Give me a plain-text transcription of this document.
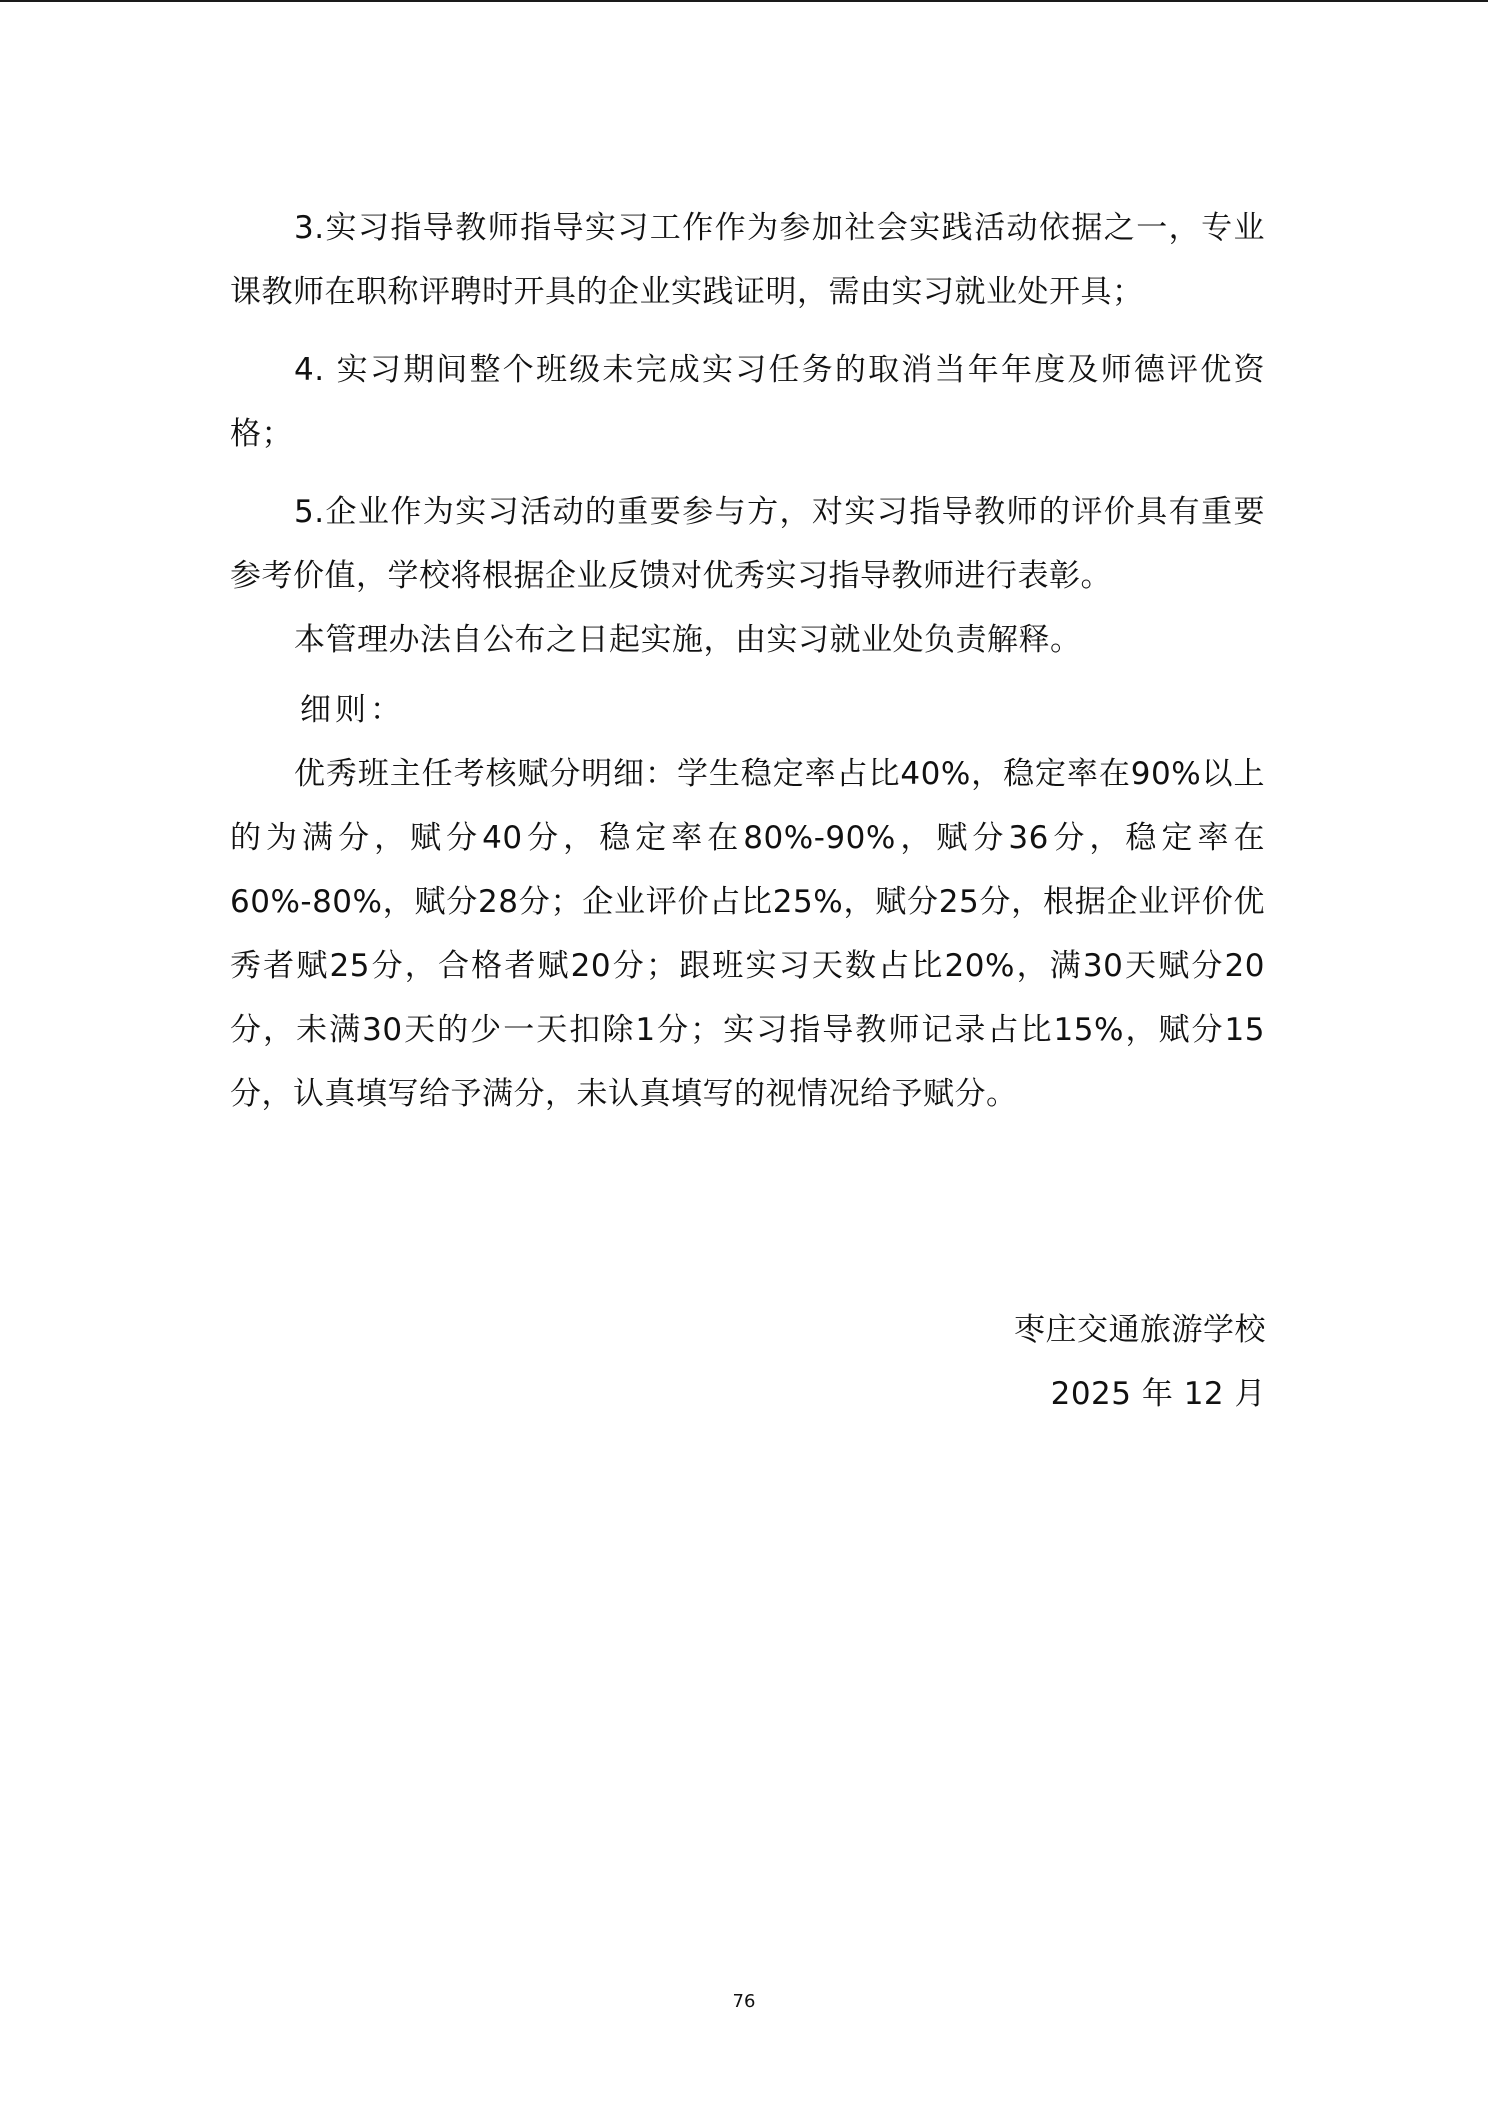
3.实习指导教师指导实习工作作为参加社会实践活动依据之一，专业课教师在职称评聘时开具的企业实践证明，需由实习就业处开具；

4. 实习期间整个班级未完成实习任务的取消当年年度及师德评优资格；

5.企业作为实习活动的重要参与方，对实习指导教师的评价具有重要参考价值，学校将根据企业反馈对优秀实习指导教师进行表彰。

本管理办法自公布之日起实施，由实习就业处负责解释。

细则：

优秀班主任考核赋分明细：学生稳定率占比40%，稳定率在90%以上的为满分，赋分40分，稳定率在80%-90%，赋分36分，稳定率在60%-80%，赋分28分；企业评价占比25%，赋分25分，根据企业评价优秀者赋25分，合格者赋20分；跟班实习天数占比20%，满30天赋分20分，未满30天的少一天扣除1分；实习指导教师记录占比15%，赋分15分，认真填写给予满分，未认真填写的视情况给予赋分。

枣庄交通旅游学校
2025 年 12 月
76
